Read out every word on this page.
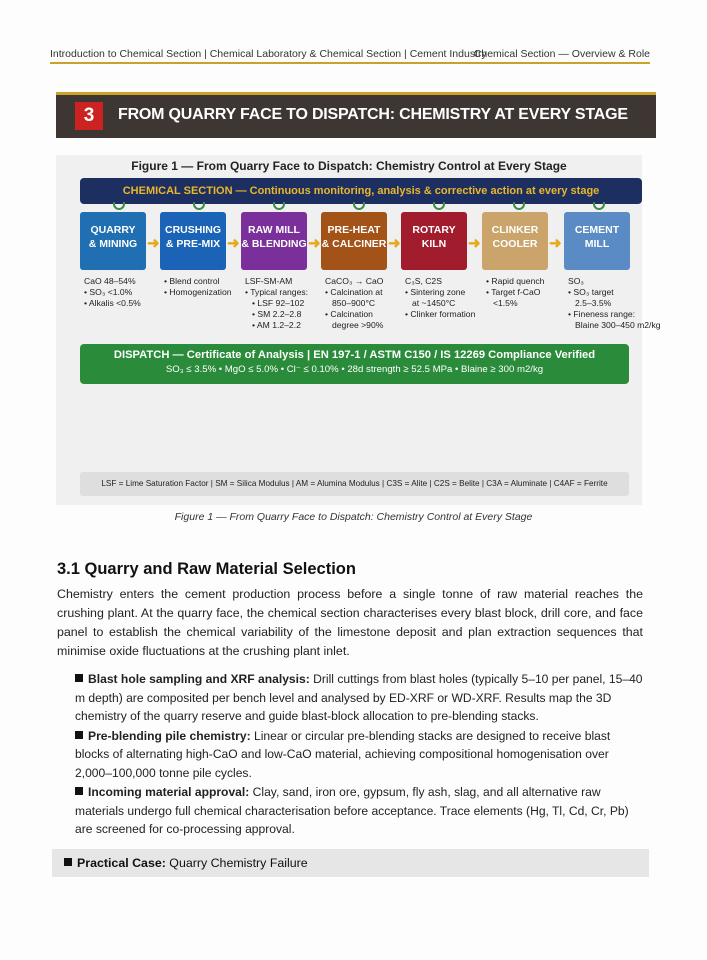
Introduction to Chemical Section | Chemical Laboratory & Chemical Section | Cement Industry
Chemical Section — Overview & Role
3	FROM QUARRY FACE TO DISPATCH: CHEMISTRY AT EVERY STAGE
Figure 1 — From Quarry Face to Dispatch: Chemistry Control at Every Stage
CHEMICAL SECTION — Continuous monitoring, analysis & corrective action at every stage
QUARRY
& MINING ➜
CaO 48–54%
• SO₃ <1.0%
• Alkalis <0.5%
CRUSHING
& PRE-MIX ➜
• Blend control
• Homogenization
RAW MILL
& BLENDING ➜
LSF-SM-AM
• Typical ranges:
• LSF 92–102
• SM 2.2–2.8
• AM 1.2–2.2
PRE-HEAT
& CALCINER ➜
CaCO₃ → CaO
• Calcination at
850–900°C
• Calcination
degree >90%
ROTARY
KILN	➜
C₃S, C2S
• Sintering zone
at ~1450°C
• Clinker formation
CLINKER
COOLER ➜
• Rapid quench
• Target f-CaO
<1.5%
CEMENT
MILL
SO₃
• SO₃ target
2.5–3.5%
• Fineness range:
Blaine 300–450 m2/kg
DISPATCH — Certificate of Analysis | EN 197-1 / ASTM C150 / IS 12269 Compliance Verified
SO₃ ≤ 3.5% • MgO ≤ 5.0% • Cl⁻ ≤ 0.10% • 28d strength ≥ 52.5 MPa • Blaine ≥ 300 m2/kg
LSF = Lime Saturation Factor | SM = Silica Modulus | AM = Alumina Modulus | C3S = Alite | C2S = Belite | C3A = Aluminate | C4AF = Ferrite
Figure 1 — From Quarry Face to Dispatch: Chemistry Control at Every Stage
3.1 Quarry and Raw Material Selection
Chemistry enters the cement production process before a single tonne of raw material reaches the crushing plant. At the quarry face, the chemical section characterises every blast block, drill core, and face panel to establish the chemical variability of the limestone deposit and plan extraction sequences that minimise oxide fluctuations at the crushing plant inlet.
Blast hole sampling and XRF analysis: Drill cuttings from blast holes (typically 5–10 per panel, 15–40 m depth) are composited per bench level and analysed by ED-XRF or WD-XRF. Results map the 3D chemistry of the quarry reserve and guide blast-block allocation to pre-blending stacks.
Pre-blending pile chemistry: Linear or circular pre-blending stacks are designed to receive blast blocks of alternating high-CaO and low-CaO material, achieving compositional homogenisation over 2,000–100,000 tonne pile cycles.
Incoming material approval: Clay, sand, iron ore, gypsum, fly ash, slag, and all alternative raw materials undergo full chemical characterisation before acceptance. Trace elements (Hg, Tl, Cd, Cr, Pb) are screened for co-processing approval.
Practical Case: Quarry Chemistry Failure
